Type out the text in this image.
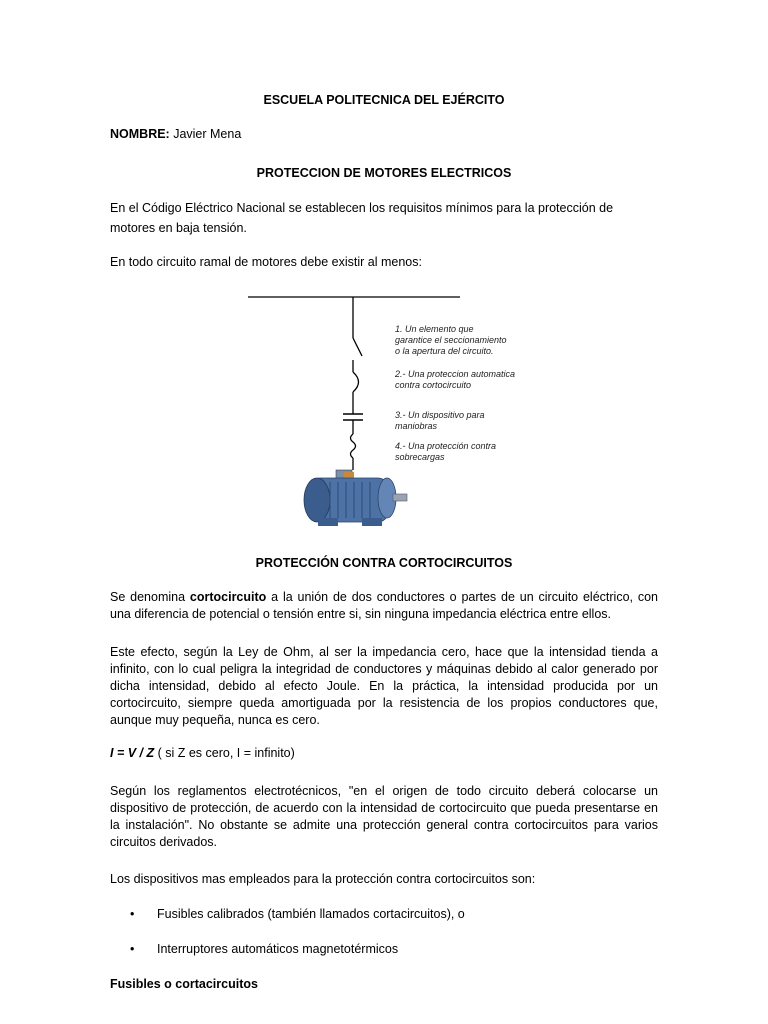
ESCUELA POLITECNICA DEL EJÉRCITO
NOMBRE: Javier Mena
PROTECCION DE MOTORES ELECTRICOS
En el Código Eléctrico Nacional se establecen los requisitos mínimos para la protección de
motores en baja tensión.
En todo circuito ramal de motores debe existir al menos:
1. Un elemento que
garantice el seccionamiento
o la apertura del circuito.
2.- Una proteccion automatica
contra cortocircuito
3.- Un dispositivo para
maniobras
4.- Una protección contra
sobrecargas
PROTECCIÓN CONTRA CORTOCIRCUITOS
Se denomina cortocircuito a la unión de dos conductores o partes de un circuito eléctrico, con una diferencia de potencial o tensión entre si, sin ninguna impedancia eléctrica entre ellos.
Este efecto, según la Ley de Ohm, al ser la impedancia cero, hace que la intensidad tienda a infinito, con lo cual peligra la integridad de conductores y máquinas debido al calor generado por dicha intensidad, debido al efecto Joule. En la práctica, la intensidad producida por un cortocircuito, siempre queda amortiguada por la resistencia de los propios conductores que, aunque muy pequeña, nunca es cero.
I = V / Z ( si Z es cero, I = infinito)
Según los reglamentos electrotécnicos, "en el origen de todo circuito deberá colocarse un dispositivo de protección, de acuerdo con la intensidad de cortocircuito que pueda presentarse en la instalación". No obstante se admite una protección general contra cortocircuitos para varios circuitos derivados.
Los dispositivos mas empleados para la protección contra cortocircuitos son:
• Fusibles calibrados (también llamados cortacircuitos), o
• Interruptores automáticos magnetotérmicos
Fusibles o cortacircuitos
